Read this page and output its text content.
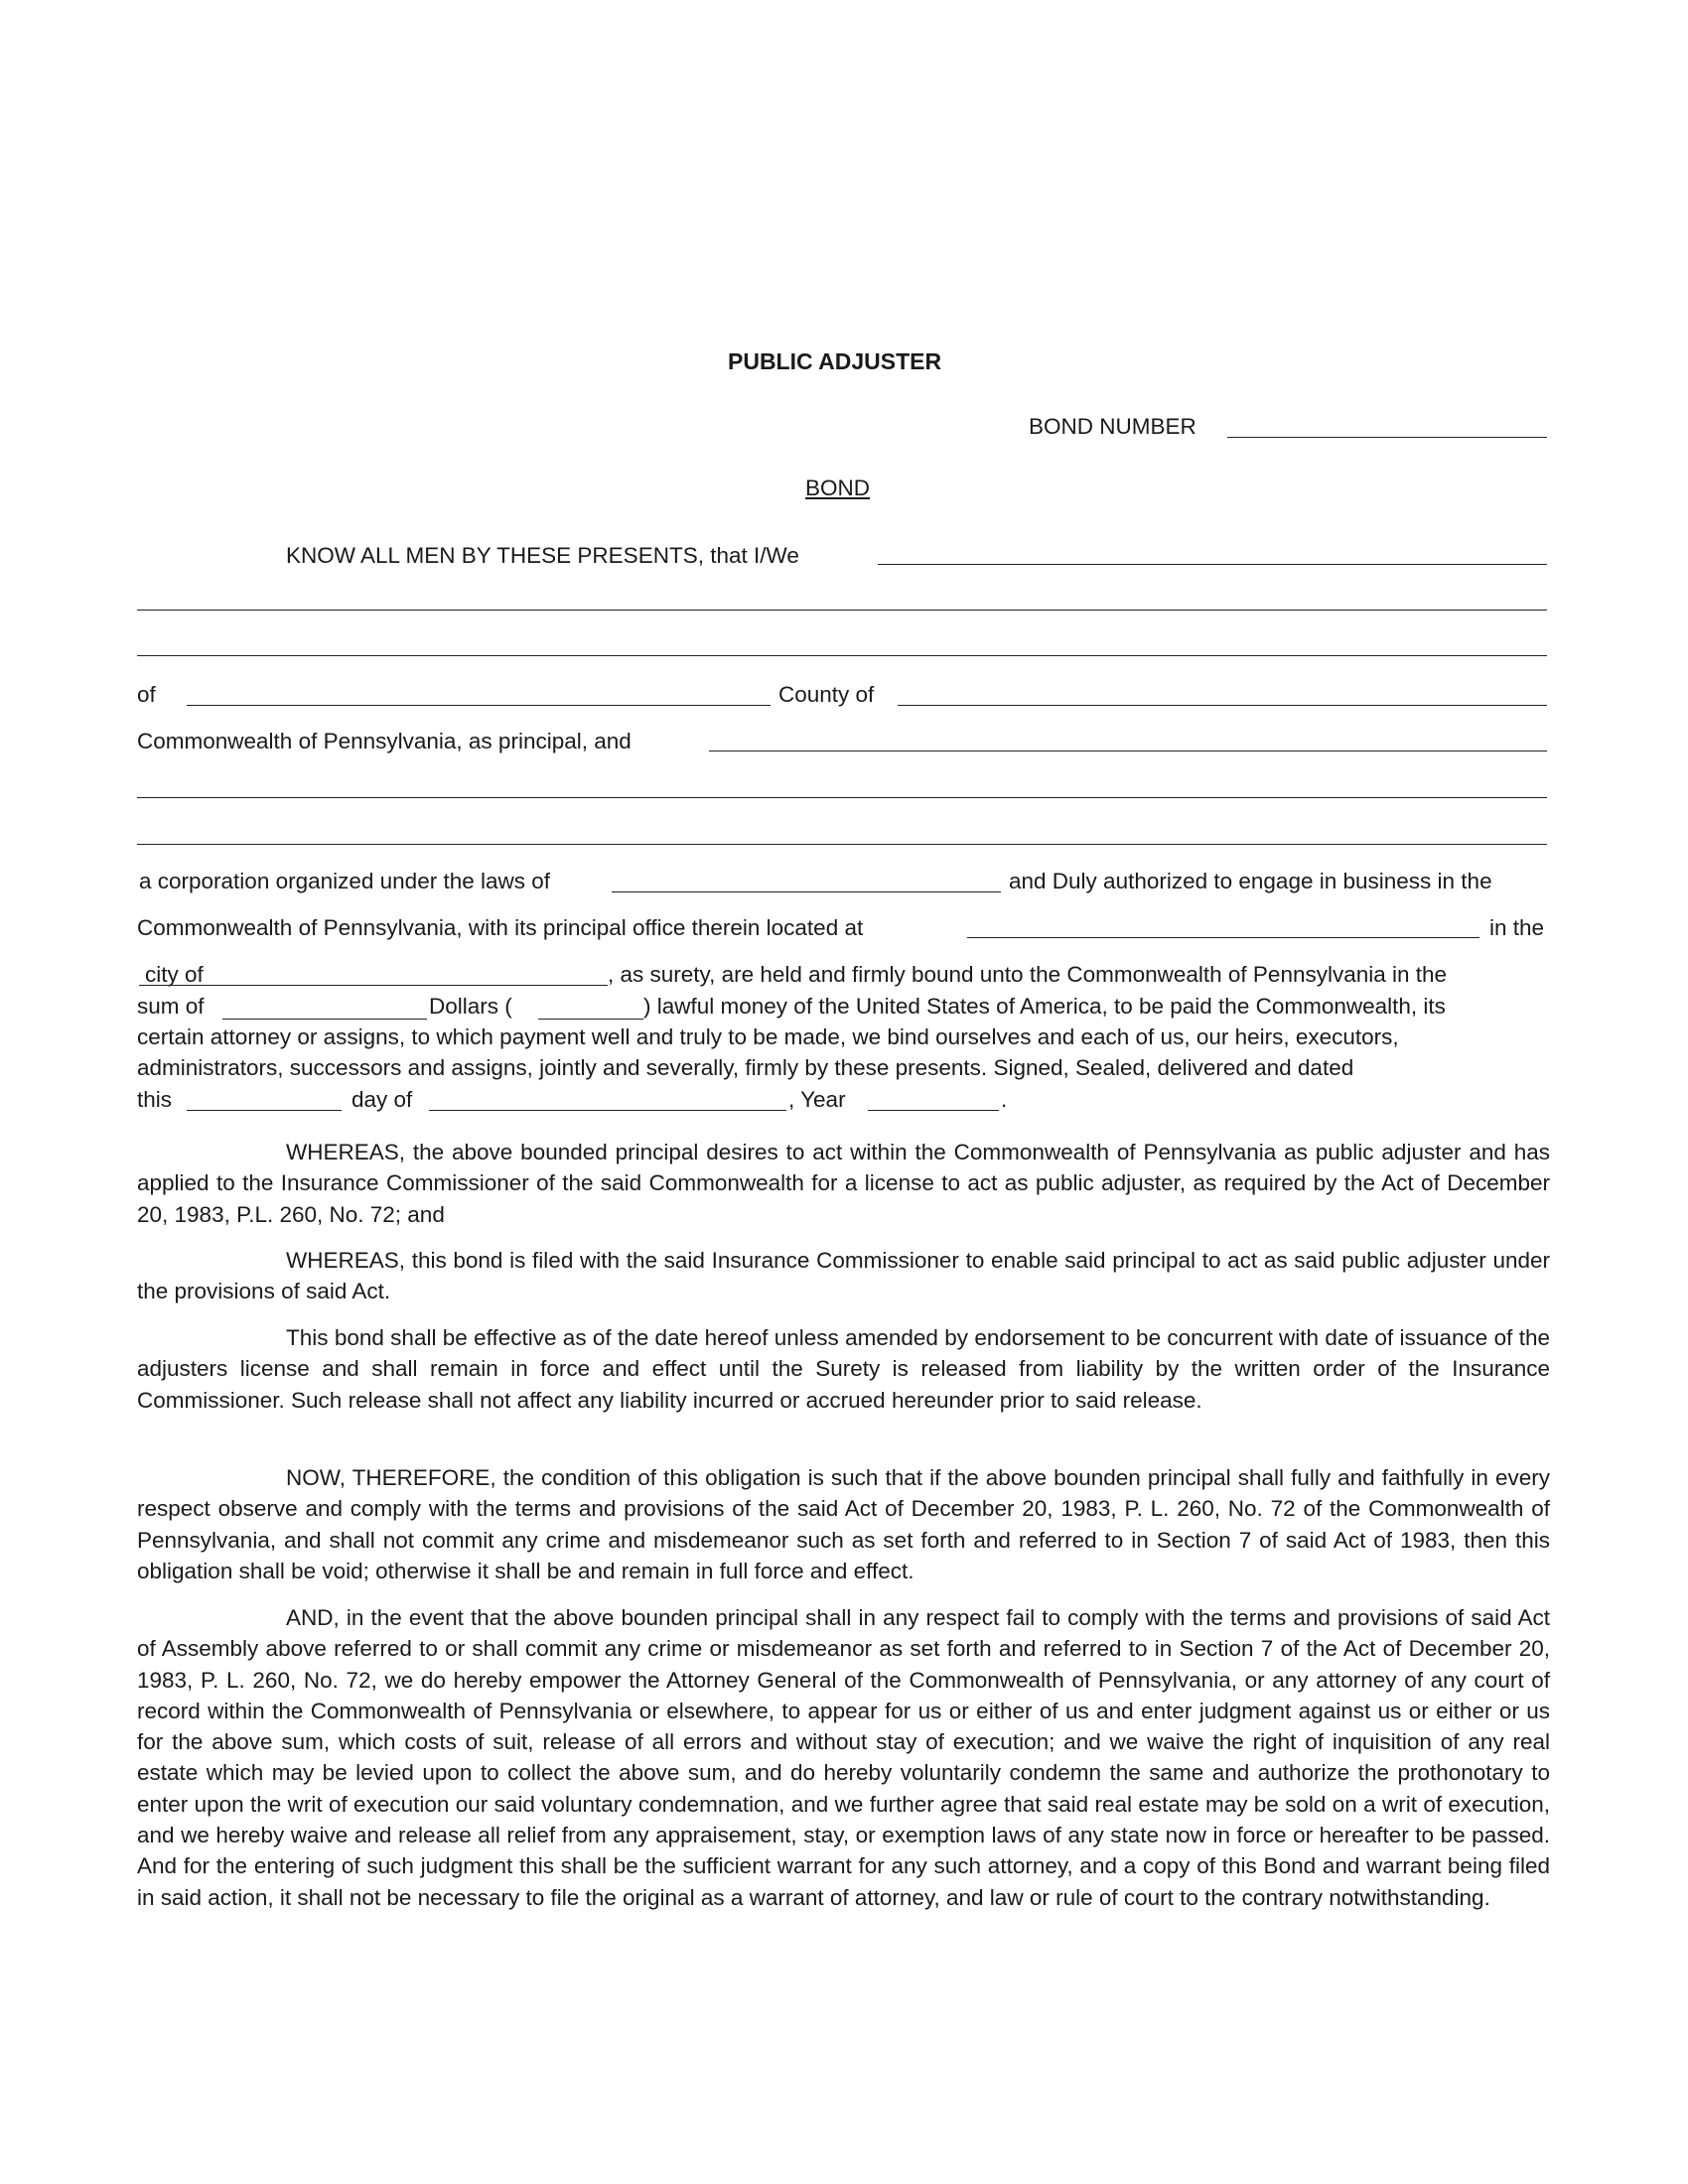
PUBLIC ADJUSTER
BOND NUMBER
BOND
KNOW ALL MEN BY THESE PRESENTS, that I/We
of	County of
Commonwealth of Pennsylvania, as principal, and
a corporation organized under the laws of	and Duly authorized to engage in business in the
Commonwealth of Pennsylvania, with its principal office therein located at	in the
city of	, as surety, are held and firmly bound unto the Commonwealth of Pennsylvania in the
sum of	Dollars (	) lawful money of the United States of America, to be paid the Commonwealth, its
certain attorney or assigns, to which payment well and truly to be made, we bind ourselves and each of us, our heirs, executors,
administrators, successors and assigns, jointly and severally, firmly by these presents. Signed, Sealed, delivered and dated
this	day of	, Year	.
WHEREAS, the above bounded principal desires to act within the Commonwealth of Pennsylvania as public adjuster and has applied to the Insurance Commissioner of the said Commonwealth for a license to act as public adjuster, as required by the Act of December 20, 1983, P.L. 260, No. 72; and
WHEREAS, this bond is filed with the said Insurance Commissioner to enable said principal to act as said public adjuster under the provisions of said Act.
This bond shall be effective as of the date hereof unless amended by endorsement to be concurrent with date of issuance of the adjusters license and shall remain in force and effect until the Surety is released from liability by the written order of the Insurance Commissioner. Such release shall not affect any liability incurred or accrued hereunder prior to said release.
NOW, THEREFORE, the condition of this obligation is such that if the above bounden principal shall fully and faithfully in every respect observe and comply with the terms and provisions of the said Act of December 20, 1983, P. L. 260, No. 72 of the Commonwealth of Pennsylvania, and shall not commit any crime and misdemeanor such as set forth and referred to in Section 7 of said Act of 1983, then this obligation shall be void; otherwise it shall be and remain in full force and effect.
AND, in the event that the above bounden principal shall in any respect fail to comply with the terms and provisions of said Act of Assembly above referred to or shall commit any crime or misdemeanor as set forth and referred to in Section 7 of the Act of December 20, 1983, P. L. 260, No. 72, we do hereby empower the Attorney General of the Commonwealth of Pennsylvania, or any attorney of any court of record within the Commonwealth of Pennsylvania or elsewhere, to appear for us or either of us and enter judgment against us or either or us for the above sum, which costs of suit, release of all errors and without stay of execution; and we waive the right of inquisition of any real estate which may be levied upon to collect the above sum, and do hereby voluntarily condemn the same and authorize the prothonotary to enter upon the writ of execution our said voluntary condemnation, and we further agree that said real estate may be sold on a writ of execution, and we hereby waive and release all relief from any appraisement, stay, or exemption laws of any state now in force or hereafter to be passed. And for the entering of such judgment this shall be the sufficient warrant for any such attorney, and a copy of this Bond and warrant being filed in said action, it shall not be necessary to file the original as a warrant of attorney, and law or rule of court to the contrary notwithstanding.
